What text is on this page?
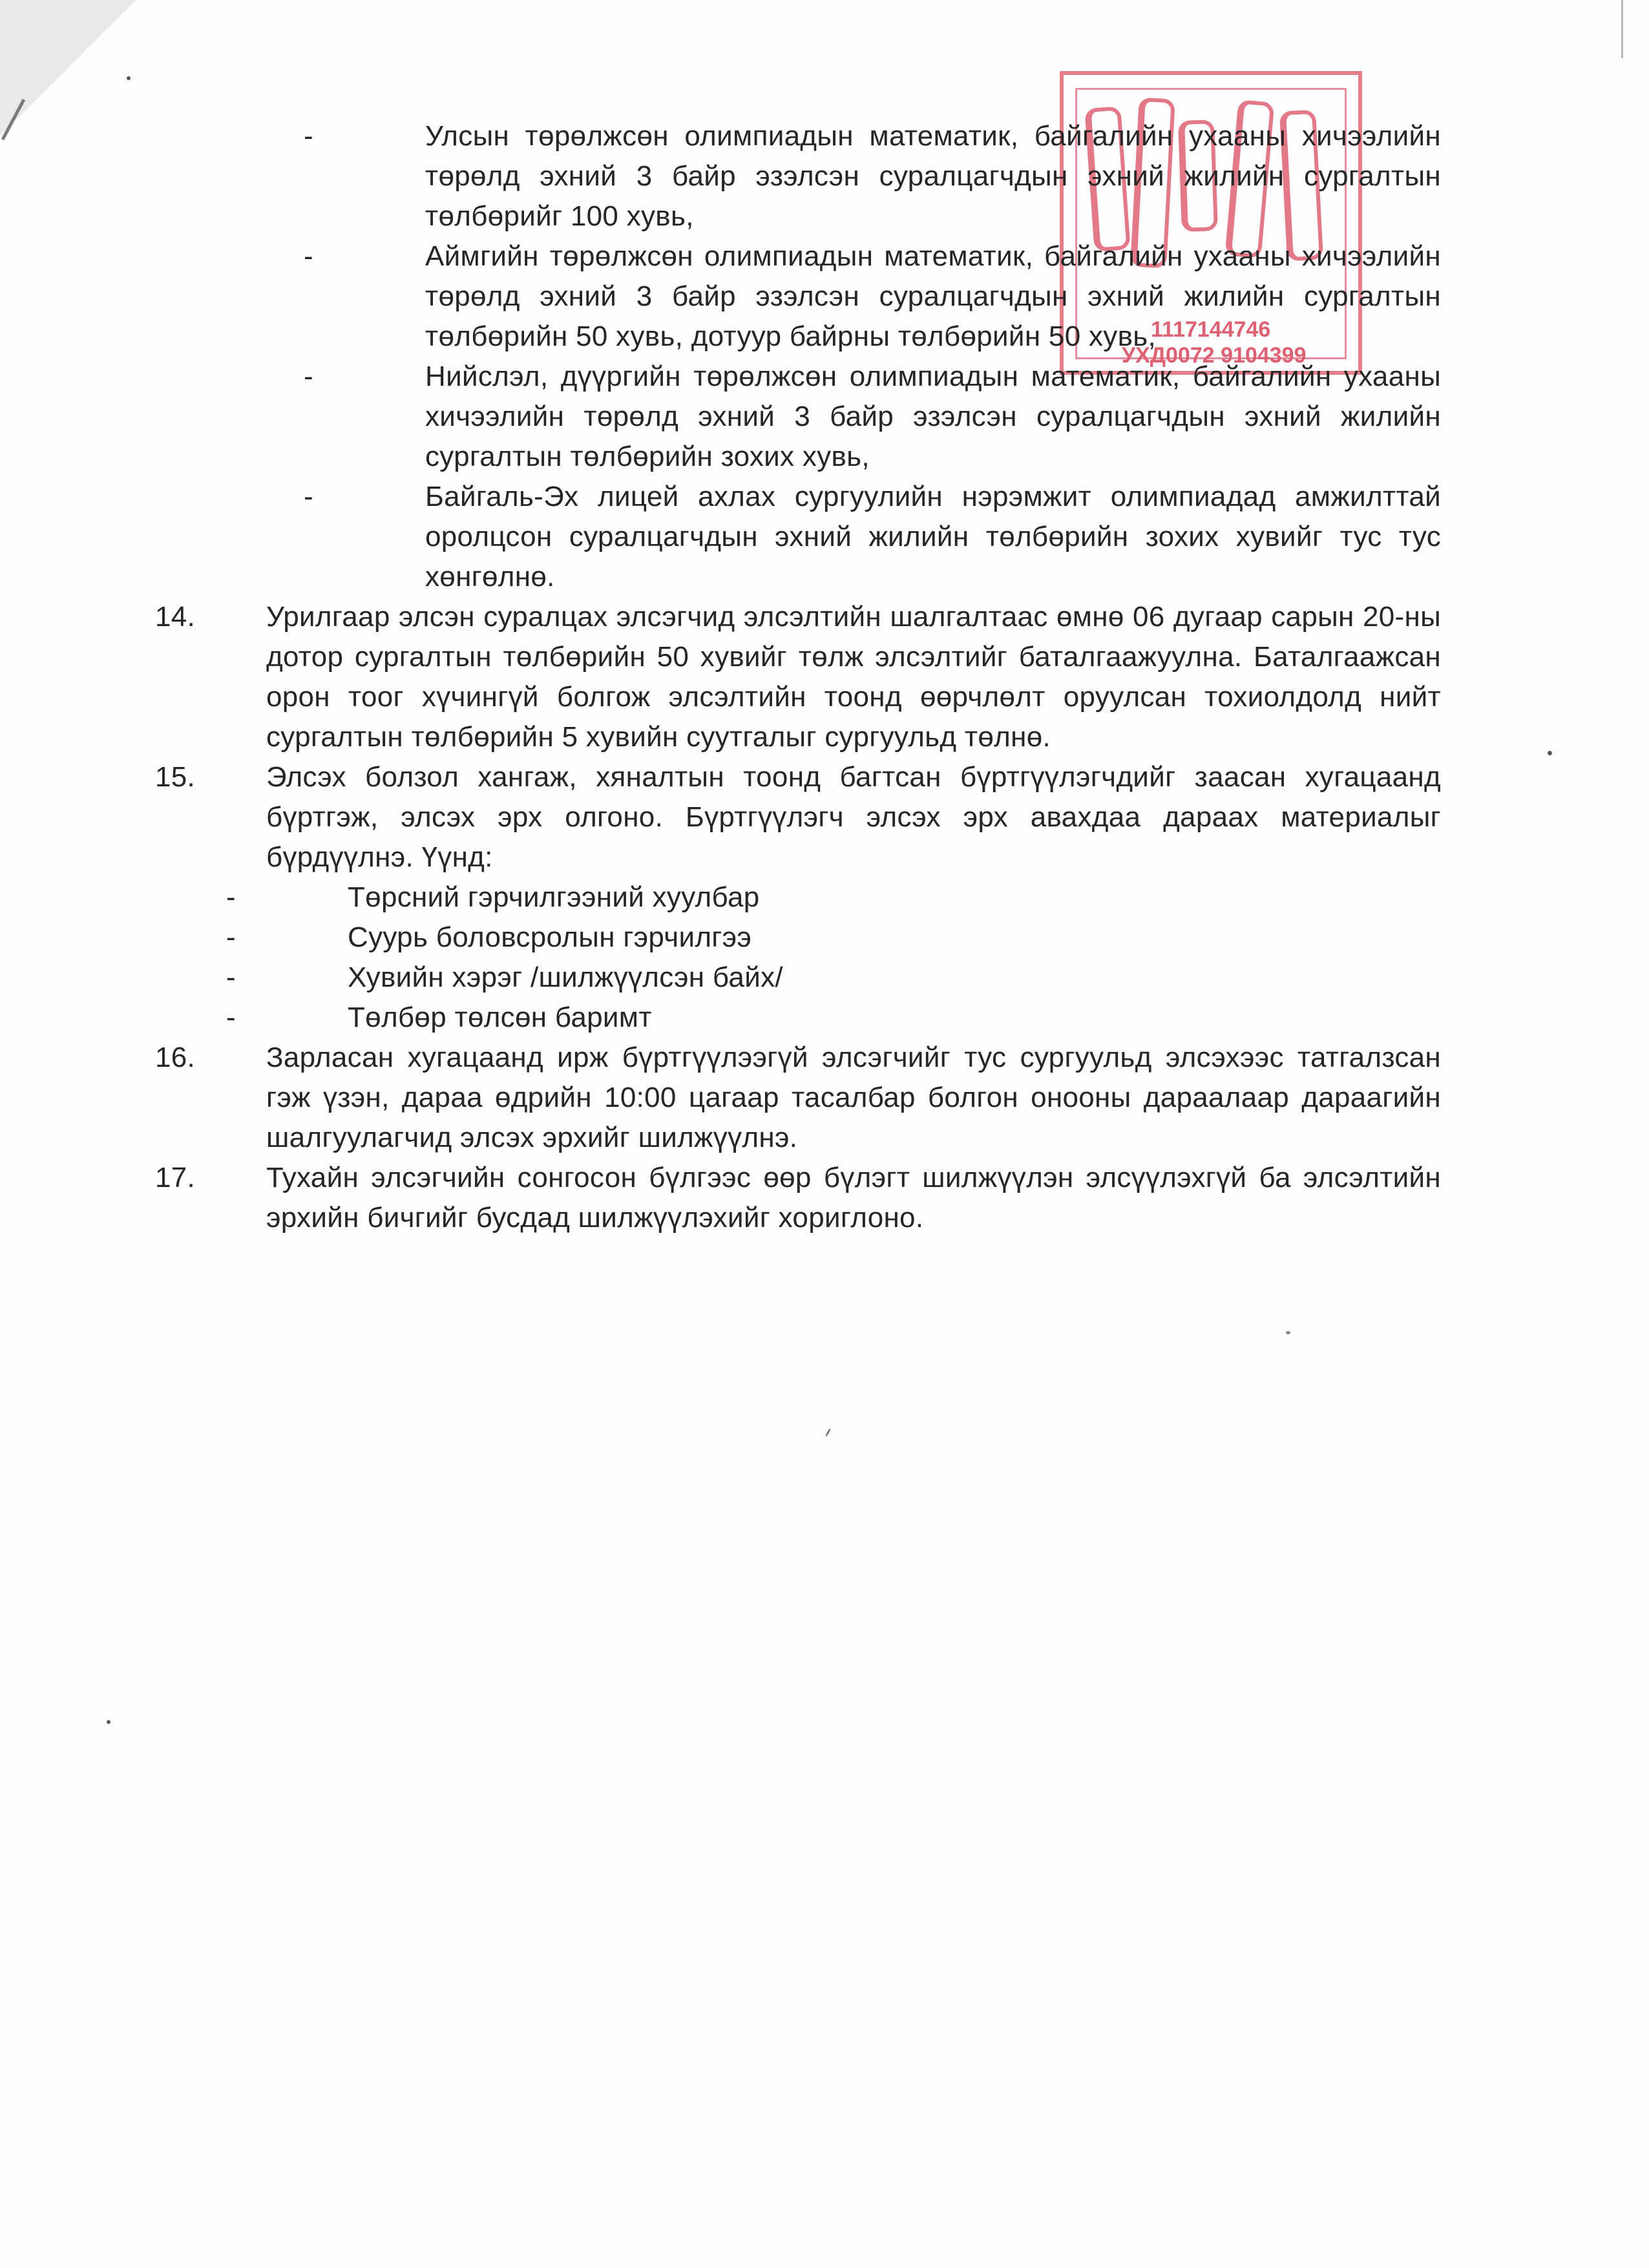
1117144746
УХД0072 9104399
-	Улсын төрөлжсөн олимпиадын математик, байгалийн ухааны хичээлийн төрөлд эхний 3 байр эзэлсэн суралцагчдын эхний жилийн сургалтын төлбөрийг 100 хувь,
-	Аймгийн төрөлжсөн олимпиадын математик, байгалийн ухааны хичээлийн төрөлд эхний 3 байр эзэлсэн суралцагчдын эхний жилийн сургалтын төлбөрийн 50 хувь, дотуур байрны төлбөрийн 50 хувь,
-	Нийслэл, дүүргийн төрөлжсөн олимпиадын математик, байгалийн ухааны хичээлийн төрөлд эхний 3 байр эзэлсэн суралцагчдын эхний жилийн сургалтын төлбөрийн зохих хувь,
-	Байгаль-Эх лицей ахлах сургуулийн нэрэмжит олимпиадад амжилттай оролцсон суралцагчдын эхний жилийн төлбөрийн зохих хувийг тус тус хөнгөлнө.
14.	Урилгаар элсэн суралцах элсэгчид элсэлтийн шалгалтаас өмнө 06 дугаар сарын 20-ны дотор сургалтын төлбөрийн 50 хувийг төлж элсэлтийг баталгаажуулна. Баталгаажсан орон тоог хүчингүй болгож элсэлтийн тоонд өөрчлөлт оруулсан тохиолдолд нийт сургалтын төлбөрийн 5 хувийн суутгалыг сургуульд төлнө.
15.	Элсэх болзол хангаж, хяналтын тоонд багтсан бүртгүүлэгчдийг заасан хугацаанд бүртгэж, элсэх эрх олгоно. Бүртгүүлэгч элсэх эрх авахдаа дараах материалыг бүрдүүлнэ. Үүнд:
-	Төрсний гэрчилгээний хуулбар
-	Суурь боловсролын гэрчилгээ
-	Хувийн хэрэг /шилжүүлсэн байх/
-	Төлбөр төлсөн баримт
16.	Зарласан хугацаанд ирж бүртгүүлээгүй элсэгчийг тус сургуульд элсэхээс татгалзсан гэж үзэн, дараа өдрийн 10:00 цагаар тасалбар болгон онооны дараалаар дараагийн шалгуулагчид элсэх эрхийг шилжүүлнэ.
17.	Тухайн элсэгчийн сонгосон бүлгээс өөр бүлэгт шилжүүлэн элсүүлэхгүй ба элсэлтийн эрхийн бичгийг бусдад шилжүүлэхийг хориглоно.
